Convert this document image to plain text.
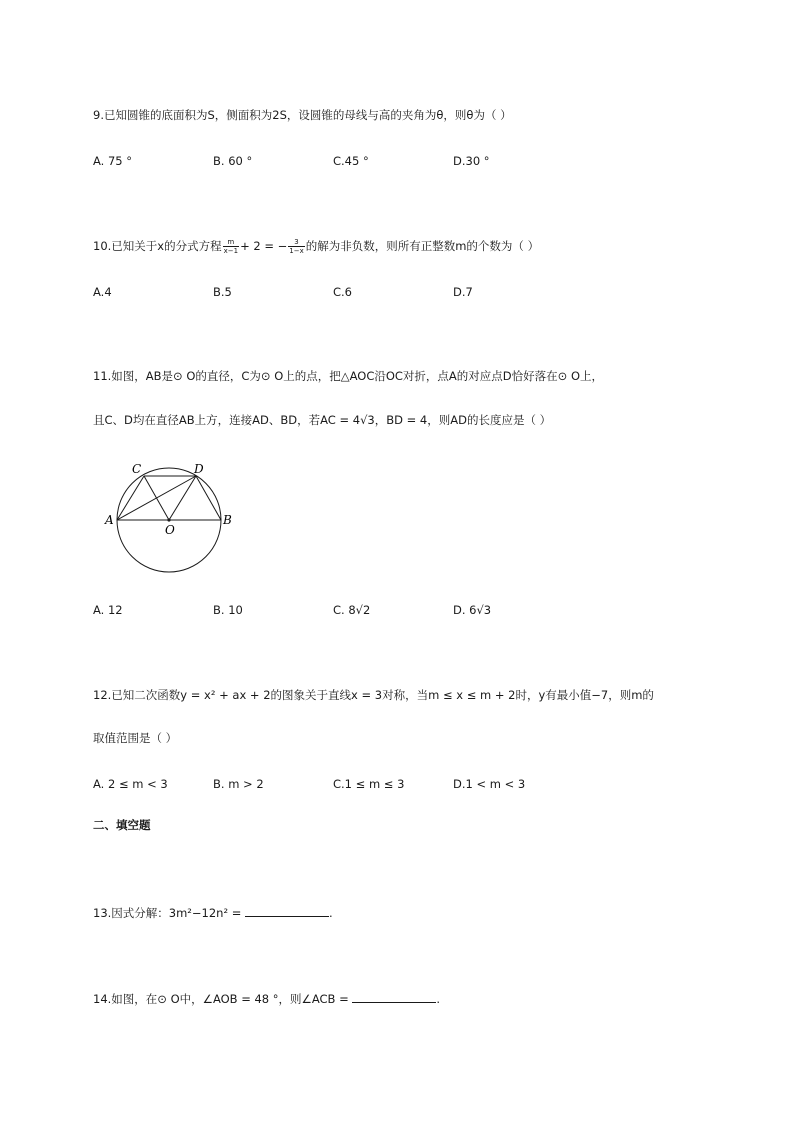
9.已知圆锥的底面积为S，侧面积为2S，设圆锥的母线与高的夹角为θ，则θ为（ ）
A. 75 °	B. 60 °	C.45 °	D.30 °
10.已知关于x的分式方程 $\frac{m}{x-1} + 2$ = − $\frac{3}{1-x}$ 的解为非负数，则所有正整数m的个数为（ ）
A.4	B.5	C.6	D.7
11.如图，AB是⊙ O的直径，C为⊙ O上的点，把△AOC沿OC对折，点A的对应点D恰好落在⊙ O上，
且C、D均在直径AB上方，连接AD、BD，若AC = 4√3，BD = 4，则AD的长度应是（ ）
A	B
C	D
O
A. 12	B. 10	C. 8√2	D. 6√3
12.已知二次函数y = x² + ax + 2的图象关于直线x = 3对称，当m ≤ x ≤ m + 2时，y有最小值−7，则m的
取值范围是（ ）
A. 2 ≤ m < 3	B. m > 2	C.1 ≤ m ≤ 3	D.1 < m < 3
二、填空题
13.因式分解：3m²−12n² =	.
14.如图，在⊙ O中，∠AOB = 48 °，则∠ACB =	.
